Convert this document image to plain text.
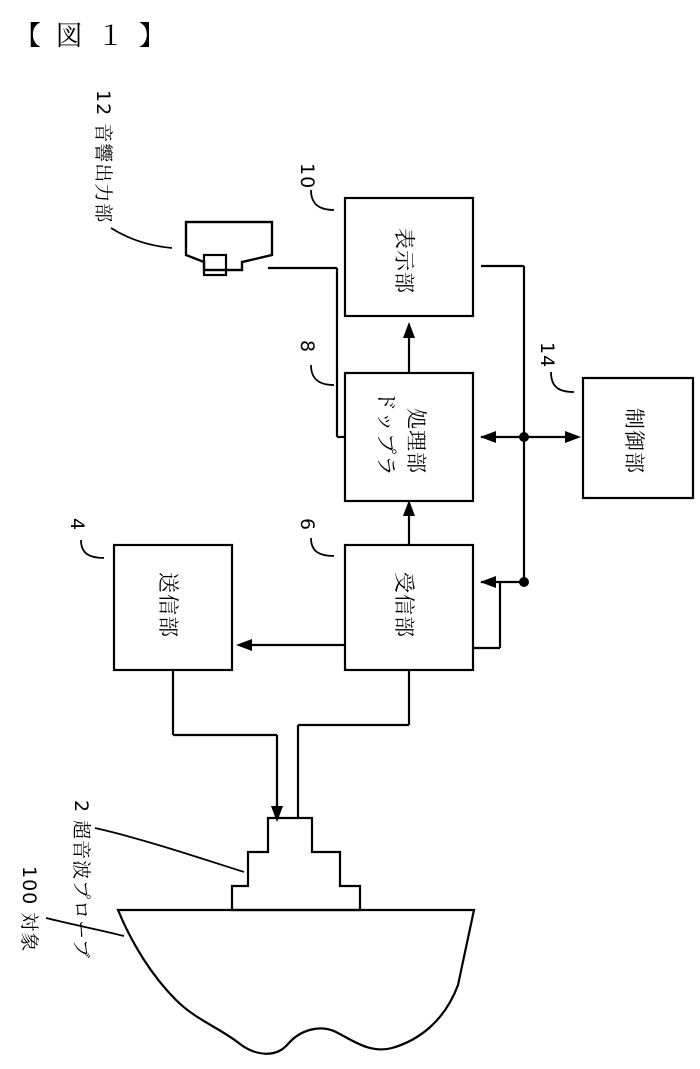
【 図 １ 】
表示部
10
ドップラ 処理部
8
制御部
14
送信部
4
受信部
6
12 音響出力部
2 超音波プローブ
100 対象
